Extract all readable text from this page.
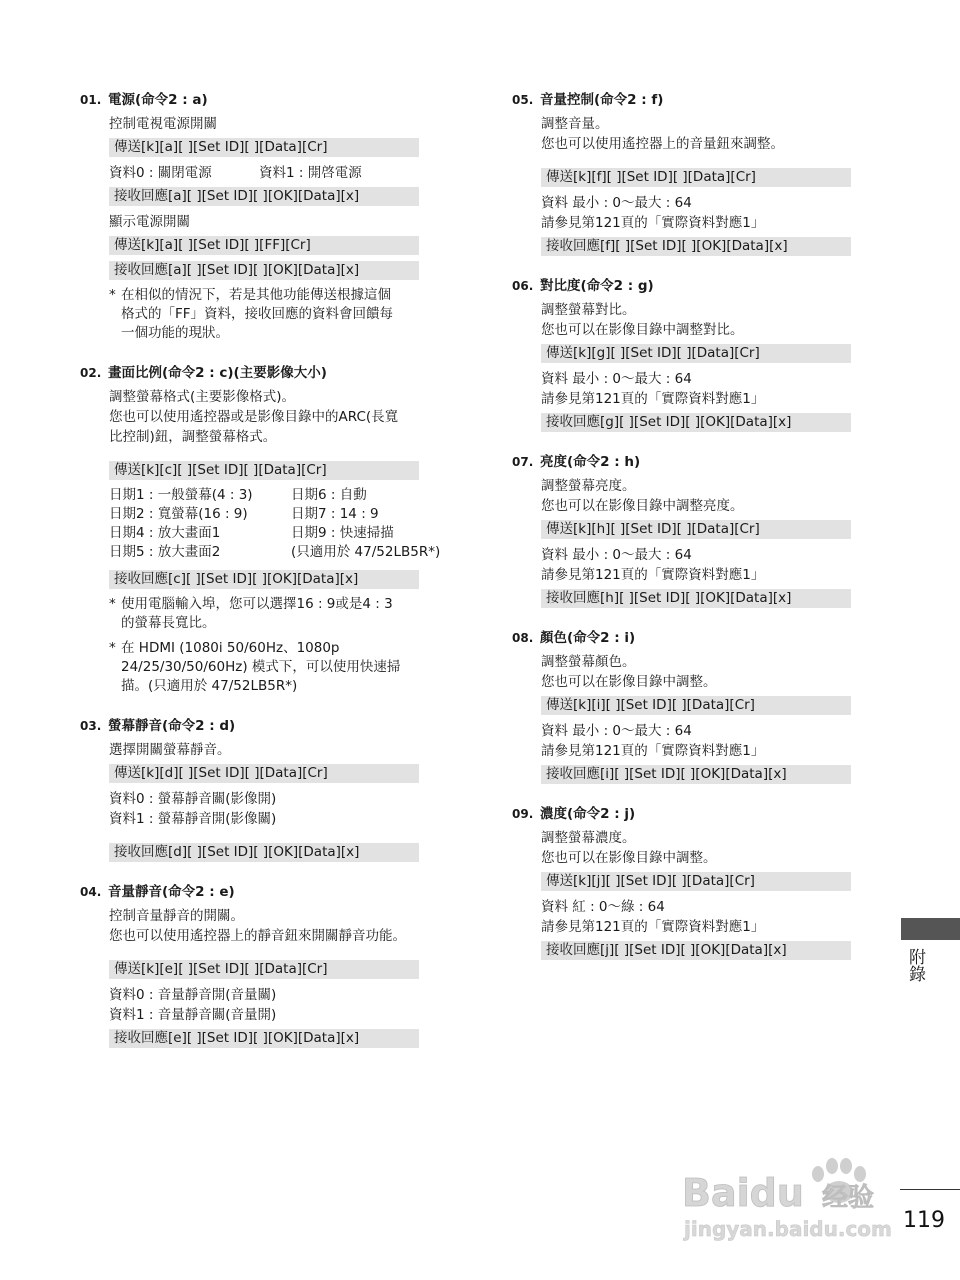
01. 電源(命令2 : a)
控制電視電源開關
傳送[k][a][ ][Set ID][ ][Data][Cr]
資料0 : 關閉電源	資料1 : 開啓電源
接收回應[a][ ][Set ID][ ][OK][Data][x]
顯示電源開關
傳送[k][a][ ][Set ID][ ][FF][Cr]
接收回應[a][ ][Set ID][ ][OK][Data][x]
* 在相似的情況下，若是其他功能傳送根據這個
格式的「FF」資料，接收回應的資料會回饋每
一個功能的現狀。
02. 畫面比例(命令2 : c)(主要影像大小)
調整螢幕格式(主要影像格式)。
您也可以使用遙控器或是影像目錄中的ARC(長寬
比控制)鈕，調整螢幕格式。
傳送[k][c][ ][Set ID][ ][Data][Cr]
日期1 : 一般螢幕(4 : 3)
日期2 : 寬螢幕(16 : 9)
日期4 : 放大畫面1
日期5 : 放大畫面2
日期6 : 自動
日期7 : 14 : 9
日期9 : 快速掃描
(只適用於 47/52LB5R*)
接收回應[c][ ][Set ID][ ][OK][Data][x]
* 使用電腦輸入埠，您可以選擇16 : 9或是4 : 3
的螢幕長寬比。
* 在 HDMI (1080i 50/60Hz、1080p
24/25/30/50/60Hz) 模式下，可以使用快速掃
描。(只適用於 47/52LB5R*)
03. 螢幕靜音(命令2 : d)
選擇開關螢幕靜音。
傳送[k][d][ ][Set ID][ ][Data][Cr]
資料0 : 螢幕靜音關(影像開)
資料1 : 螢幕靜音開(影像關)
接收回應[d][ ][Set ID][ ][OK][Data][x]
04. 音量靜音(命令2 : e)
控制音量靜音的開關。
您也可以使用遙控器上的靜音鈕來開關靜音功能。
傳送[k][e][ ][Set ID][ ][Data][Cr]
資料0 : 音量靜音開(音量關)
資料1 : 音量靜音關(音量開)
接收回應[e][ ][Set ID][ ][OK][Data][x]
05. 音量控制(命令2 : f)
調整音量。
您也可以使用遙控器上的音量鈕來調整。
傳送[k][f][ ][Set ID][ ][Data][Cr]
資料 最小 : 0～最大 : 64
請參見第121頁的「實際資料對應1」
接收回應[f][ ][Set ID][ ][OK][Data][x]
06. 對比度(命令2 : g)
調整螢幕對比。
您也可以在影像目錄中調整對比。
傳送[k][g][ ][Set ID][ ][Data][Cr]
資料 最小 : 0～最大 : 64
請參見第121頁的「實際資料對應1」
接收回應[g][ ][Set ID][ ][OK][Data][x]
07. 亮度(命令2 : h)
調整螢幕亮度。
您也可以在影像目錄中調整亮度。
傳送[k][h][ ][Set ID][ ][Data][Cr]
資料 最小 : 0～最大 : 64
請參見第121頁的「實際資料對應1」
接收回應[h][ ][Set ID][ ][OK][Data][x]
08. 顏色(命令2 : i)
調整螢幕顏色。
您也可以在影像目錄中調整。
傳送[k][i][ ][Set ID][ ][Data][Cr]
資料 最小 : 0～最大 : 64
請參見第121頁的「實際資料對應1」
接收回應[i][ ][Set ID][ ][OK][Data][x]
09. 濃度(命令2 : j)
調整螢幕濃度。
您也可以在影像目錄中調整。
傳送[k][j][ ][Set ID][ ][Data][Cr]
資料 紅 : 0～綠 : 64
請參見第121頁的「實際資料對應1」
接收回應[j][ ][Set ID][ ][OK][Data][x]	附錄
119
Baidu 经验
jingyan.baidu.com
